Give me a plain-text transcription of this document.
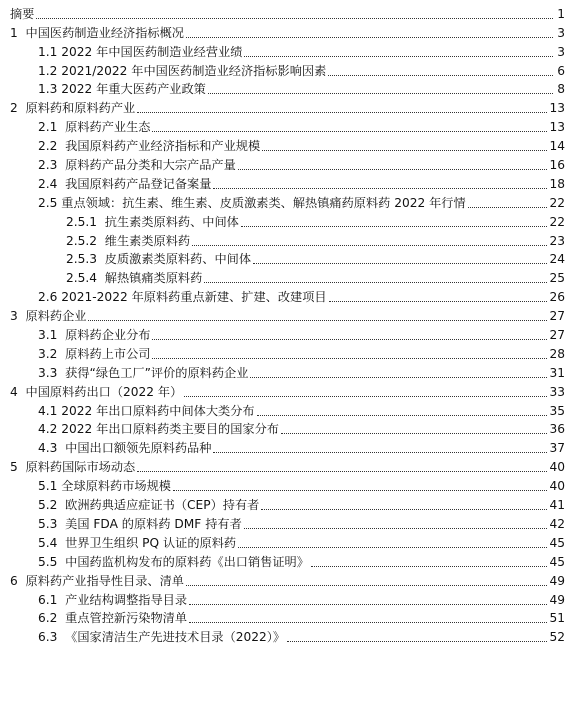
摘要	1
1 中国医药制造业经济指标概况	3
1.1 2022 年中国医药制造业经营业绩	3
1.2 2021/2022 年中国医药制造业经济指标影响因素	6
1.3 2022 年重大医药产业政策	8
2 原料药和原料药产业	13
2.1 原料药产业生态	13
2.2 我国原料药产业经济指标和产业规模	14
2.3 原料药产品分类和大宗产品产量	16
2.4 我国原料药产品登记备案量	18
2.5 重点领域：抗生素、维生素、皮质激素类、解热镇痛药原料药 2022 年行情	22
2.5.1 抗生素类原料药、中间体	22
2.5.2 维生素类原料药	23
2.5.3 皮质激素类原料药、中间体	24
2.5.4 解热镇痛类原料药	25
2.6 2021-2022 年原料药重点新建、扩建、改建项目	26
3 原料药企业	27
3.1 原料药企业分布	27
3.2 原料药上市公司	28
3.3 获得“绿色工厂”评价的原料药企业	31
4 中国原料药出口（2022 年）	33
4.1 2022 年出口原料药中间体大类分布	35
4.2 2022 年出口原料药类主要目的国家分布	36
4.3 中国出口额领先原料药品种	37
5 原料药国际市场动态	40
5.1 全球原料药市场规模	40
5.2 欧洲药典适应症证书（CEP）持有者	41
5.3 美国 FDA 的原料药 DMF 持有者	42
5.4 世界卫生组织 PQ 认证的原料药	45
5.5 中国药监机构发布的原料药《出口销售证明》	45
6 原料药产业指导性目录、清单	49
6.1 产业结构调整指导目录	49
6.2 重点管控新污染物清单	51
6.3 《国家清洁生产先进技术目录（2022）》	52
